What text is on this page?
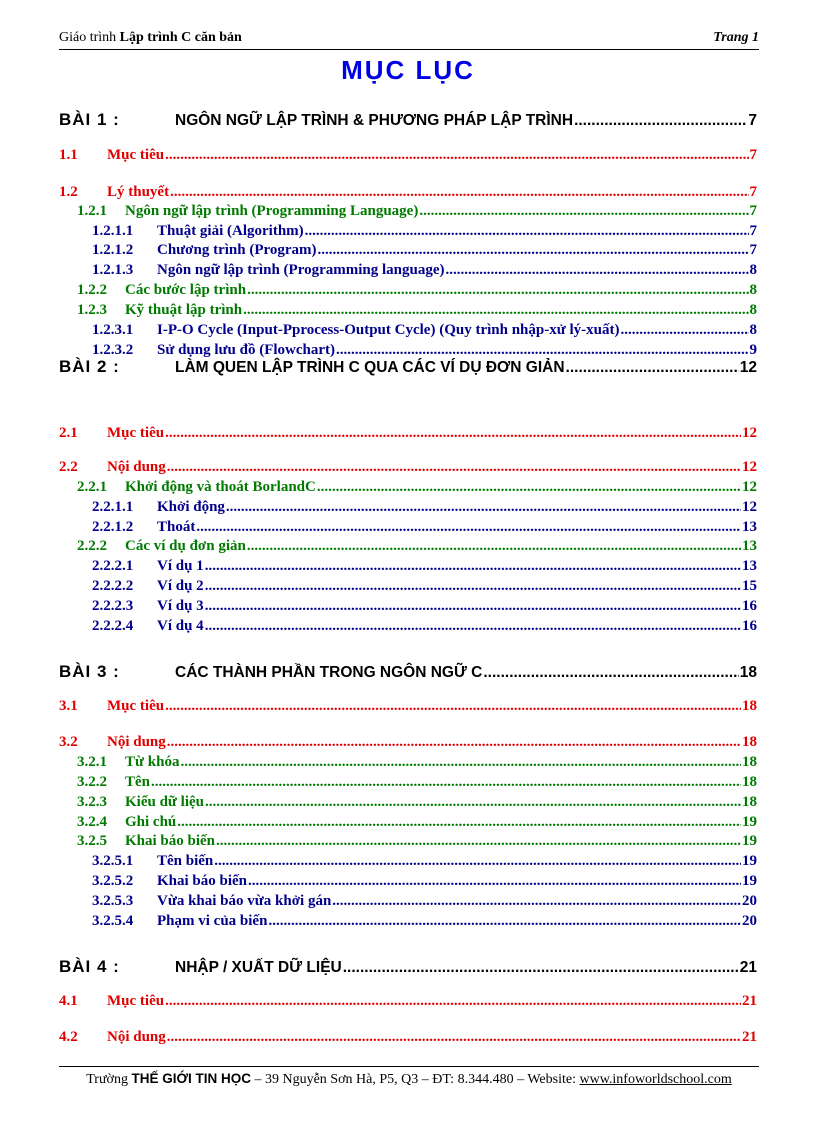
Giáo trình Lập trình C căn bản	Trang 1
MỤC LỤC
BÀI 1 :	NGÔN NGỮ LẬP TRÌNH & PHƯƠNG PHÁP LẬP TRÌNH .....	7
1.1	Mục tiêu .....	7
1.2	Lý thuyết .....	7
1.2.1	Ngôn ngữ lập trình (Programming Language) .....	7
1.2.1.1	Thuật giải (Algorithm) .....	7
1.2.1.2	Chương trình (Program) .....	7
1.2.1.3	Ngôn ngữ lập trình (Programming language) .....	8
1.2.2	Các bước lập trình .....	8
1.2.3	Kỹ thuật lập trình .....	8
1.2.3.1	I-P-O Cycle (Input-Pprocess-Output Cycle) (Quy trình nhập-xử lý-xuất) .....	8
1.2.3.2	Sử dụng lưu đồ (Flowchart) .....	9
BÀI 2 :	LÀM QUEN LẬP TRÌNH C QUA CÁC VÍ DỤ ĐƠN GIẢN .....	12
2.1	Mục tiêu .....	12
2.2	Nội dung .....	12
2.2.1	Khởi động và thoát BorlandC .....	12
2.2.1.1	Khởi động .....	12
2.2.1.2	Thoát .....	13
2.2.2	Các ví dụ đơn giản .....	13
2.2.2.1	Ví dụ 1 .....	13
2.2.2.2	Ví dụ 2 .....	15
2.2.2.3	Ví dụ 3 .....	16
2.2.2.4	Ví dụ 4 .....	16
BÀI 3 :	CÁC THÀNH PHẦN TRONG NGÔN NGỮ C .....	18
3.1	Mục tiêu .....	18
3.2	Nội dung .....	18
3.2.1	Từ khóa .....	18
3.2.2	Tên .....	18
3.2.3	Kiểu dữ liệu .....	18
3.2.4	Ghi chú .....	19
3.2.5	Khai báo biến .....	19
3.2.5.1	Tên biến .....	19
3.2.5.2	Khai báo biến .....	19
3.2.5.3	Vừa khai báo vừa khởi gán .....	20
3.2.5.4	Phạm vi của biến .....	20
BÀI 4 :	NHẬP / XUẤT DỮ LIỆU .....	21
4.1	Mục tiêu .....	21
4.2	Nội dung .....	21
Trường THẾ GIỚI TIN HỌC – 39 Nguyễn Sơn Hà, P5, Q3 – ĐT: 8.344.480 – Website: www.infoworldschool.com
